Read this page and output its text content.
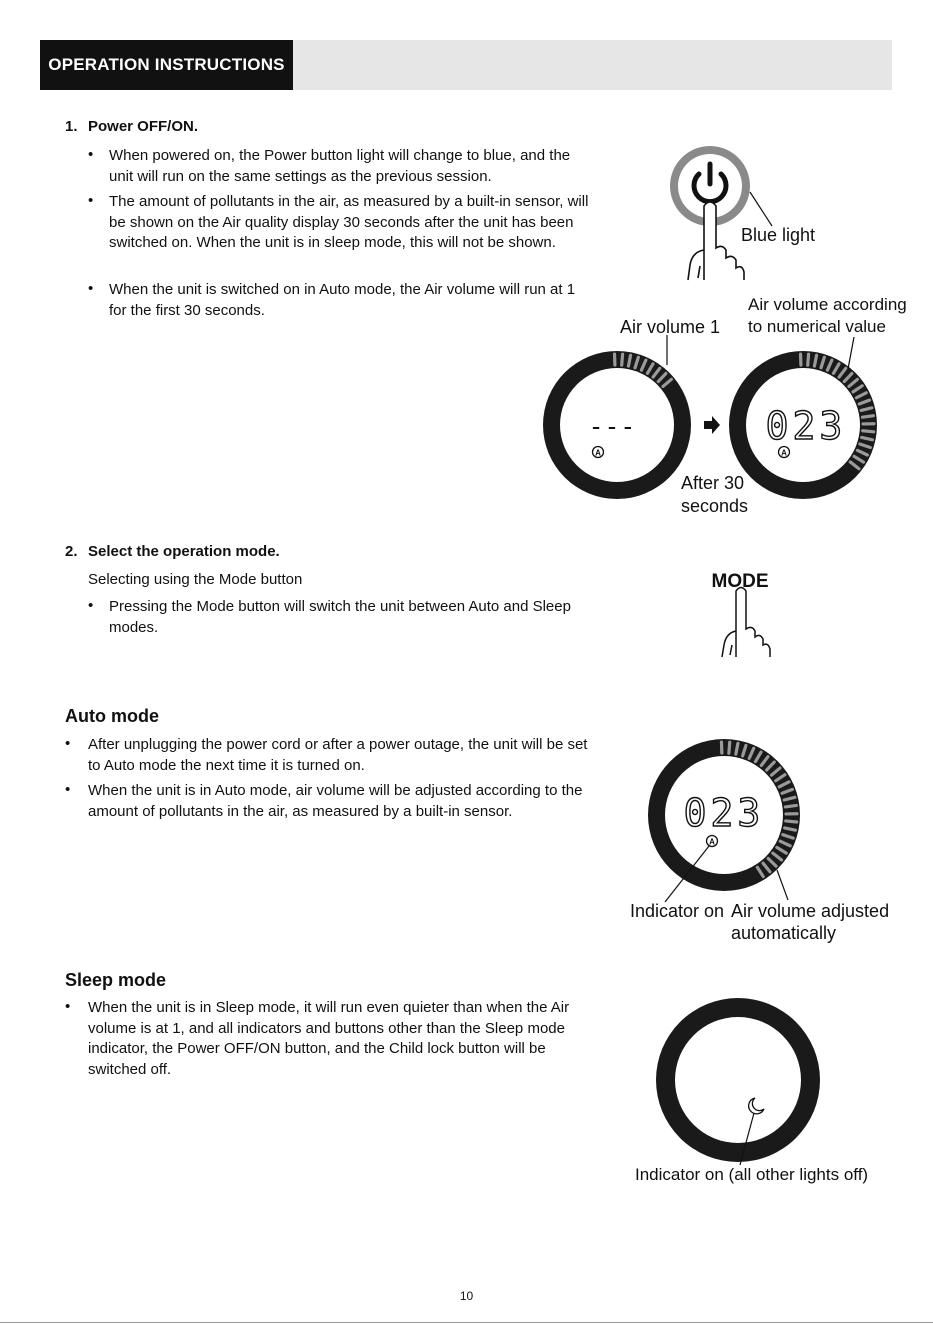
OPERATION INSTRUCTIONS
1. Power OFF/ON.
• When powered on, the Power button light will change to blue, and the unit will run on the same settings as the previous session.
• The amount of pollutants in the air, as measured by a built-in sensor, will be shown on the Air quality display 30 seconds after the unit has been switched on. When the unit is in sleep mode, this will not be shown.
• When the unit is switched on in Auto mode, the Air volume will run at 1 for the first 30 seconds.
Blue light
Air volume 1
Air volume according
to numerical value
- - -
A
023
A
After 30
seconds
2. Select the operation mode.
Selecting using the Mode button
• Pressing the Mode button will switch the unit between Auto and Sleep modes.
MODE
Auto mode
• After unplugging the power cord or after a power outage, the unit will be set to Auto mode the next time it is turned on.
• When the unit is in Auto mode, air volume will be adjusted according to the amount of pollutants in the air, as measured by a built-in sensor.	023
A
Indicator on Air volume adjusted
automatically
Sleep mode
• When the unit is in Sleep mode, it will run even quieter than when the Air volume is at 1, and all indicators and buttons other than the Sleep mode indicator, the Power OFF/ON button, and the Child lock button will be switched off.
Indicator on (all other lights off)
10
